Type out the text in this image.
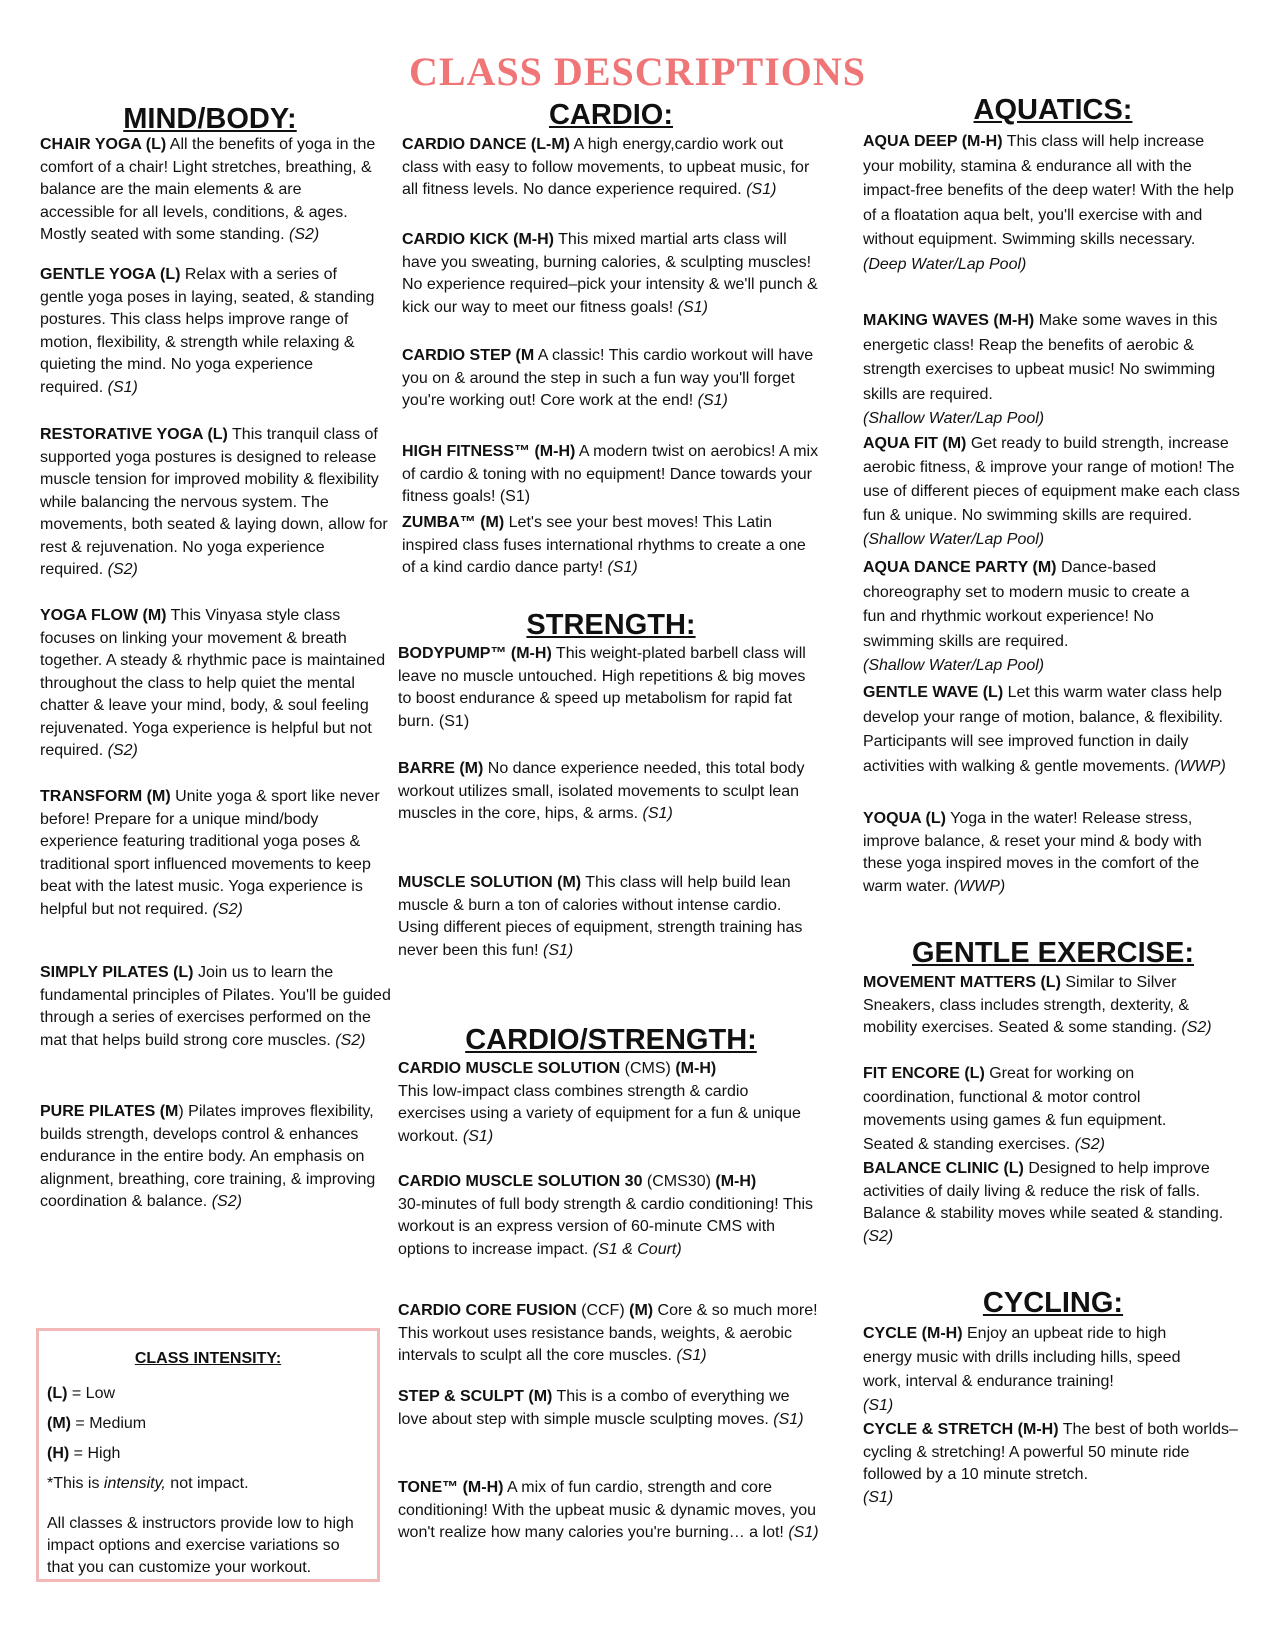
CLASS DESCRIPTIONS
MIND/BODY:

CHAIR YOGA (L) All the benefits of yoga in the comfort of a chair! Light stretches, breathing, & balance are the main elements & are accessible for all levels, conditions, & ages. Mostly seated with some standing. (S2)

GENTLE YOGA (L) Relax with a series of gentle yoga poses in laying, seated, & standing postures. This class helps improve range of motion, flexibility, & strength while relaxing & quieting the mind. No yoga experience required. (S1)

RESTORATIVE YOGA (L) This tranquil class of supported yoga postures is designed to release muscle tension for improved mobility & flexibility while balancing the nervous system. The movements, both seated & laying down, allow for rest & rejuvenation. No yoga experience required. (S2)

YOGA FLOW (M) This Vinyasa style class focuses on linking your movement & breath together. A steady & rhythmic pace is maintained throughout the class to help quiet the mental chatter & leave your mind, body, & soul feeling rejuvenated. Yoga experience is helpful but not required. (S2)

TRANSFORM (M) Unite yoga & sport like never before! Prepare for a unique mind/body experience featuring traditional yoga poses & traditional sport influenced movements to keep beat with the latest music. Yoga experience is helpful but not required. (S2)

SIMPLY PILATES (L) Join us to learn the fundamental principles of Pilates. You'll be guided through a series of exercises performed on the mat that helps build strong core muscles. (S2)

PURE PILATES (M) Pilates improves flexibility, builds strength, develops control & enhances endurance in the entire body. An emphasis on alignment, breathing, core training, & improving coordination & balance. (S2)

CARDIO:

CARDIO DANCE (L-M) A high energy,cardio work out class with easy to follow movements, to upbeat music, for all fitness levels. No dance experience required. (S1)

CARDIO KICK (M-H) This mixed martial arts class will have you sweating, burning calories, & sculpting muscles! No experience required–pick your intensity & we'll punch & kick our way to meet our fitness goals! (S1)

CARDIO STEP (M A classic! This cardio workout will have you on & around the step in such a fun way you'll forget you're working out! Core work at the end! (S1)

HIGH FITNESS™ (M-H) A modern twist on aerobics! A mix of cardio & toning with no equipment! Dance towards your fitness goals! (S1)

ZUMBA™ (M) Let's see your best moves! This Latin inspired class fuses international rhythms to create a one of a kind cardio dance party! (S1)

STRENGTH:

BODYPUMP™ (M-H) This weight-plated barbell class will leave no muscle untouched. High repetitions & big moves to boost endurance & speed up metabolism for rapid fat burn. (S1)

BARRE (M) No dance experience needed, this total body workout utilizes small, isolated movements to sculpt lean muscles in the core, hips, & arms. (S1)

MUSCLE SOLUTION (M) This class will help build lean muscle & burn a ton of calories without intense cardio. Using different pieces of equipment, strength training has never been this fun! (S1)

CARDIO/STRENGTH:

CARDIO MUSCLE SOLUTION (CMS) (M-H)
This low-impact class combines strength & cardio exercises using a variety of equipment for a fun & unique workout. (S1)

CARDIO MUSCLE SOLUTION 30 (CMS30) (M-H)
30-minutes of full body strength & cardio conditioning! This workout is an express version of 60-minute CMS with options to increase impact. (S1 & Court)

CARDIO CORE FUSION (CCF) (M) Core & so much more! This workout uses resistance bands, weights, & aerobic intervals to sculpt all the core muscles. (S1)

STEP & SCULPT (M) This is a combo of everything we love about step with simple muscle sculpting moves. (S1)

TONE™ (M-H) A mix of fun cardio, strength and core conditioning! With the upbeat music & dynamic moves, you won't realize how many calories you're burning… a lot! (S1)

AQUATICS:

AQUA DEEP (M-H) This class will help increase your mobility, stamina & endurance all with the impact-free benefits of the deep water! With the help of a floatation aqua belt, you'll exercise with and without equipment. Swimming skills necessary. (Deep Water/Lap Pool)

MAKING WAVES (M-H) Make some waves in this energetic class! Reap the benefits of aerobic & strength exercises to upbeat music! No swimming skills are required.
(Shallow Water/Lap Pool)

AQUA FIT (M) Get ready to build strength, increase aerobic fitness, & improve your range of motion! The use of different pieces of equipment make each class fun & unique. No swimming skills are required. (Shallow Water/Lap Pool)

AQUA DANCE PARTY (M) Dance-based choreography set to modern music to create a fun and rhythmic workout experience! No swimming skills are required.
(Shallow Water/Lap Pool)

GENTLE WAVE (L) Let this warm water class help develop your range of motion, balance, & flexibility. Participants will see improved function in daily activities with walking & gentle movements. (WWP)

YOQUA (L) Yoga in the water! Release stress, improve balance, & reset your mind & body with these yoga inspired moves in the comfort of the warm water. (WWP)

GENTLE EXERCISE:

MOVEMENT MATTERS (L) Similar to Silver Sneakers, class includes strength, dexterity, & mobility exercises. Seated & some standing. (S2)

FIT ENCORE (L) Great for working on coordination, functional & motor control movements using games & fun equipment. Seated & standing exercises. (S2)

BALANCE CLINIC (L) Designed to help improve activities of daily living & reduce the risk of falls. Balance & stability moves while seated & standing. (S2)

CYCLING:

CYCLE (M-H) Enjoy an upbeat ride to high energy music with drills including hills, speed work, interval & endurance training!
(S1)

CYCLE & STRETCH (M-H) The best of both worlds– cycling & stretching! A powerful 50 minute ride followed by a 10 minute stretch.
(S1)

CLASS INTENSITY:

(L) = Low

(M) = Medium

(H) = High

*This is intensity, not impact.

All classes & instructors provide low to high impact options and exercise variations so that you can customize your workout.
